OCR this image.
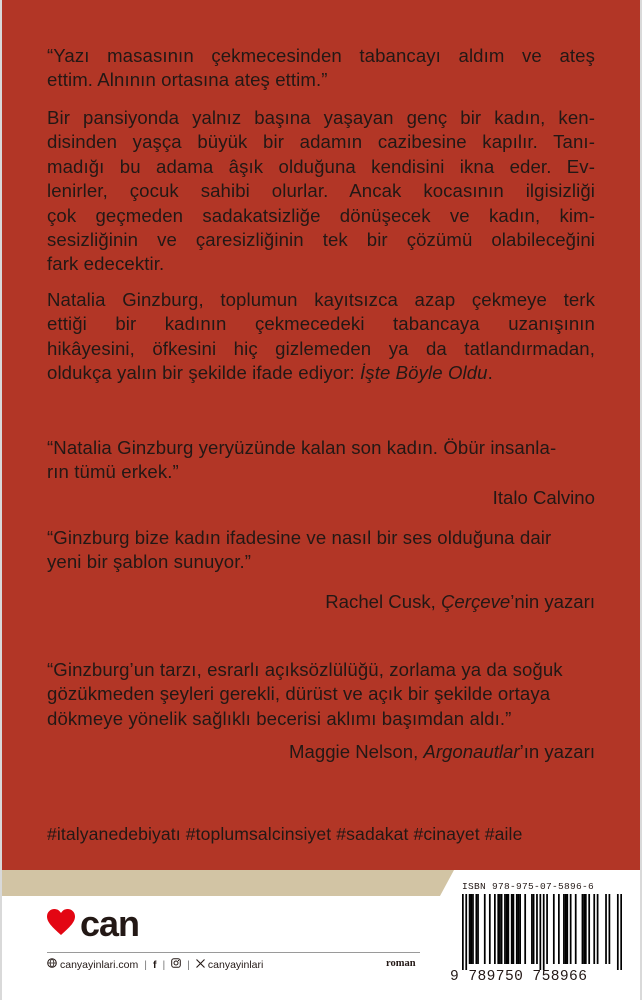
“Yazı masasının çekmecesinden tabancayı aldım ve ateş
ettim. Alnının ortasına ateş ettim.”

Bir pansiyonda yalnız başına yaşayan genç bir kadın, ken-
disinden yaşça büyük bir adamın cazibesine kapılır. Tanı-
madığı bu adama âşık olduğuna kendisini ikna eder. Ev-
lenirler, çocuk sahibi olurlar. Ancak kocasının ilgisizliği
çok geçmeden sadakatsizliğe dönüşecek ve kadın, kim-
sesizliğinin ve çaresizliğinin tek bir çözümü olabileceğini
fark edecektir.

Natalia Ginzburg, toplumun kayıtsızca azap çekmeye terk
ettiği bir kadının çekmecedeki tabancaya uzanışının
hikâyesini, öfkesini hiç gizlemeden ya da tatlandırmadan,
oldukça yalın bir şekilde ifade ediyor: İşte Böyle Oldu.

“Natalia Ginzburg yeryüzünde kalan son kadın. Öbür insanla-
rın tümü erkek.”

Italo Calvino

“Ginzburg bize kadın ifadesine ve nasıl bir ses olduğuna dair
yeni bir şablon sunuyor.”

Rachel Cusk, Çerçeve’nin yazarı

“Ginzburg’un tarzı, esrarlı açıksözlülüğü, zorlama ya da soğuk
gözükmeden şeyleri gerekli, dürüst ve açık bir şekilde ortaya
dökmeye yönelik sağlıklı becerisi aklımı başımdan aldı.”

Maggie Nelson, Argonautlar’ın yazarı
#italyanedebiyatı #toplumsalcinsiyet #sadakat #cinayet #aile
can
canyayinlari.com | f | | canyayinlari	roman
ISBN 978-975-07-5896-6
9 789750 758966
